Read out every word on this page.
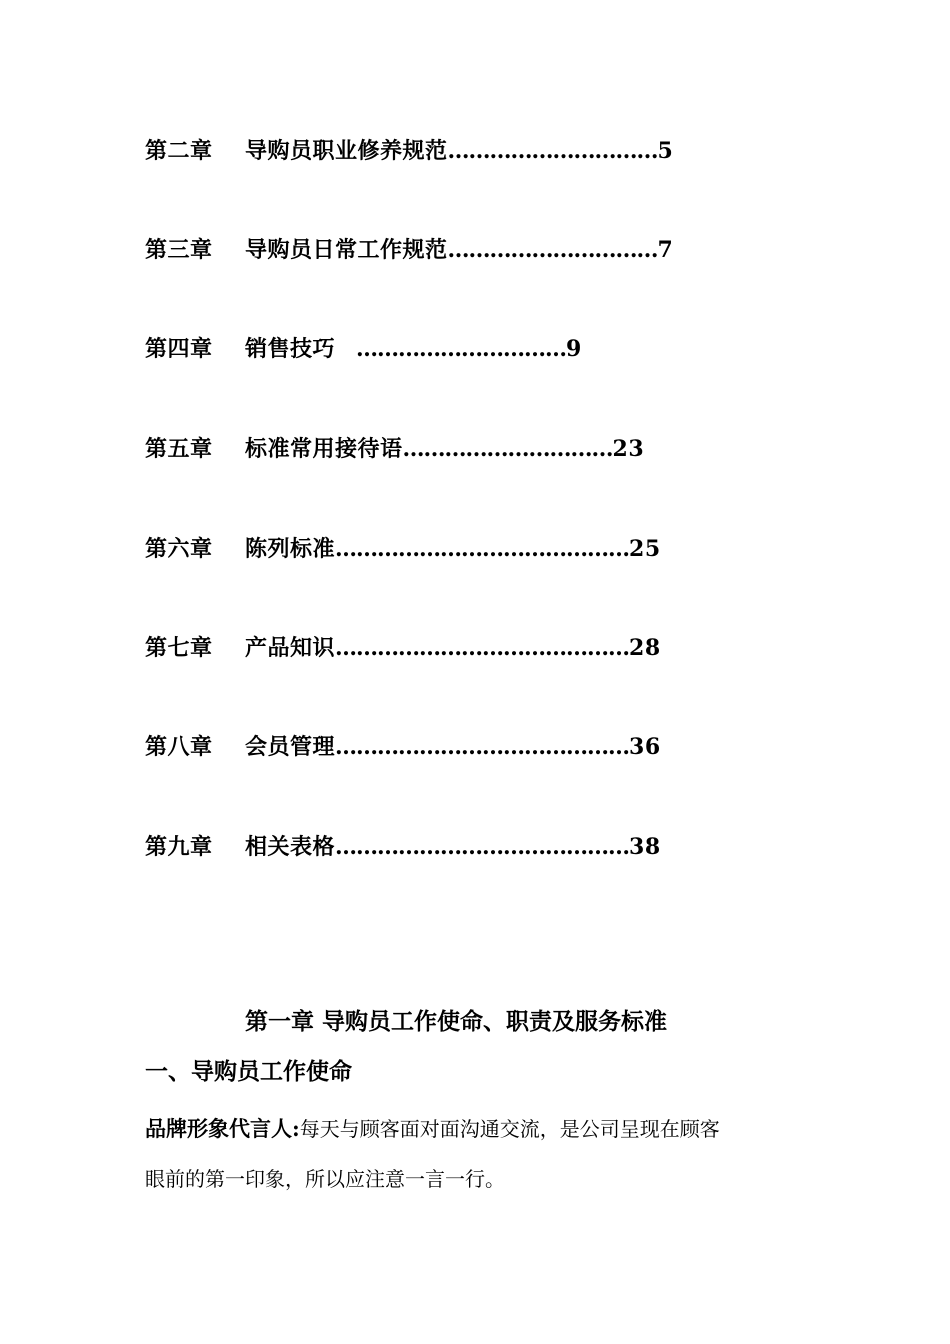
第二章 导购员职业修养规范…………………………5
第三章 导购员日常工作规范…………………………7
第四章 销售技巧　…………………………9
第五章 标准常用接待语…………………………23
第六章 陈列标准……………………………………25
第七章 产品知识……………………………………28
第八章 会员管理……………………………………36
第九章 相关表格……………………………………38
第一章 导购员工作使命、职责及服务标准
一、导购员工作使命
品牌形象代言人:每天与顾客面对面沟通交流，是公司呈现在顾客
眼前的第一印象，所以应注意一言一行。
